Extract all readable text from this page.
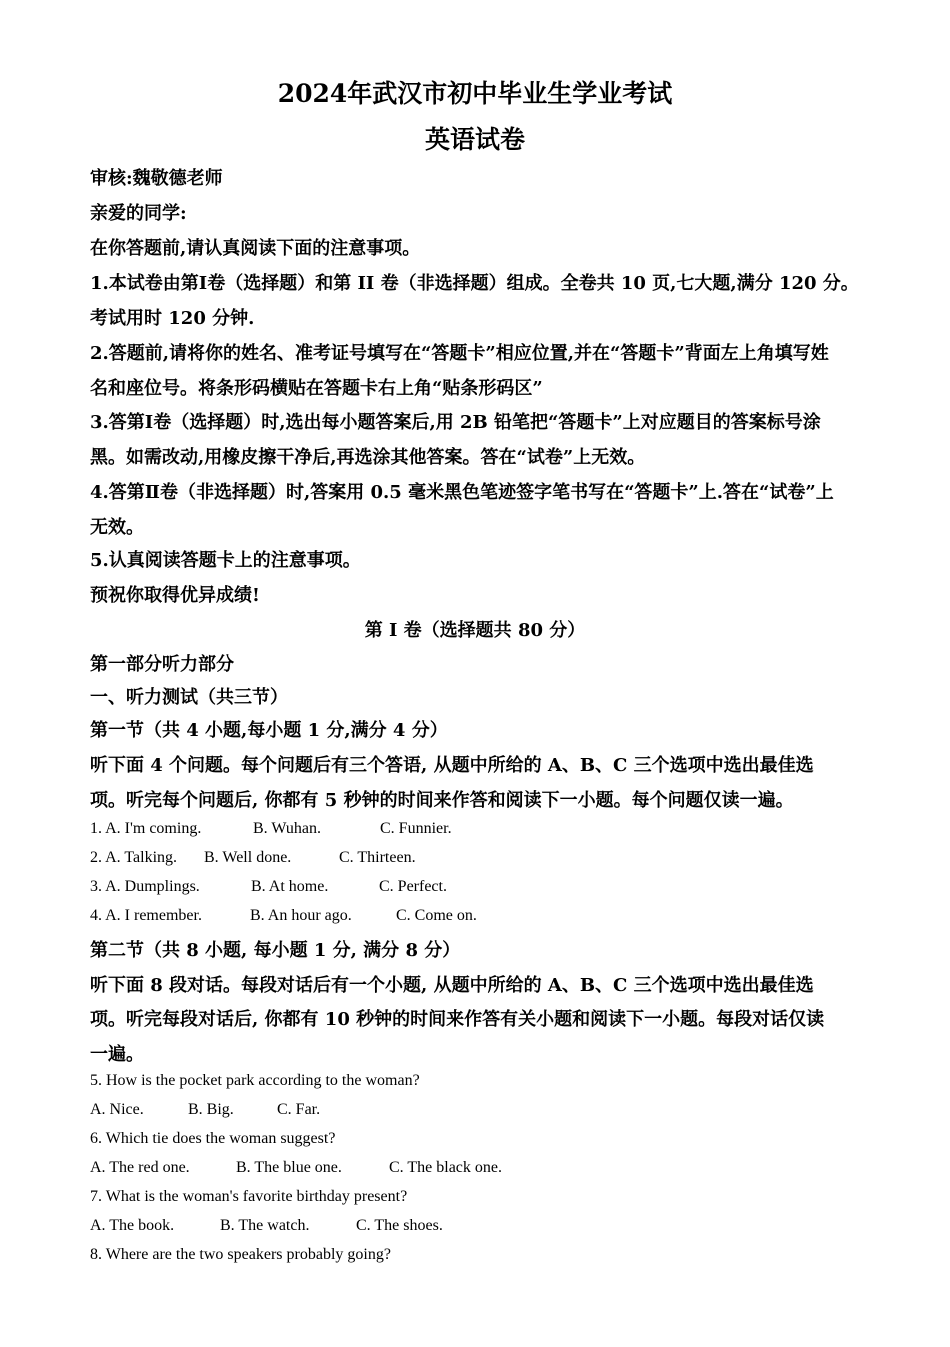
2024年武汉市初中毕业生学业考试
英语试卷
审核:魏敬德老师
亲爱的同学:
在你答题前,请认真阅读下面的注意事项。
1.本试卷由第Ⅰ卷（选择题）和第 II 卷（非选择题）组成。全卷共 10 页,七大题,满分 120 分。
考试用时 120 分钟.
2.答题前,请将你的姓名、准考证号填写在“答题卡”相应位置,并在“答题卡”背面左上角填写姓
名和座位号。将条形码横贴在答题卡右上角“贴条形码区”
3.答第Ⅰ卷（选择题）时,选出每小题答案后,用 2B 铅笔把“答题卡”上对应题目的答案标号涂
黑。如需改动,用橡皮擦干净后,再选涂其他答案。答在“试卷”上无效。
4.答第Ⅱ卷（非选择题）时,答案用 0.5 毫米黑色笔迹签字笔书写在“答题卡”上.答在“试卷”上
无效。
5.认真阅读答题卡上的注意事项。
预祝你取得优异成绩!
第 I 卷（选择题共 80 分）
第一部分听力部分
一、听力测试（共三节）
第一节（共 4 小题,每小题 1 分,满分 4 分）
听下面 4 个问题。每个问题后有三个答语, 从题中所给的 A、B、C 三个选项中选出最佳选
项。听完每个问题后, 你都有 5 秒钟的时间来作答和阅读下一小题。每个问题仅读一遍。
1. A. I'm coming.	B. Wuhan.	C. Funnier.
2. A. Talking. B. Well done.	C. Thirteen.
3. A. Dumplings.	B. At home.	C. Perfect.
4. A. I remember.	B. An hour ago.	C. Come on.
第二节（共 8 小题, 每小题 1 分, 满分 8 分）
听下面 8 段对话。每段对话后有一个小题, 从题中所给的 A、B、C 三个选项中选出最佳选
项。听完每段对话后, 你都有 10 秒钟的时间来作答有关小题和阅读下一小题。每段对话仅读
一遍。
5. How is the pocket park according to the woman?
A. Nice.	B. Big.	C. Far.
6. Which tie does the woman suggest?
A. The red one.	B. The blue one.	C. The black one.
7. What is the woman's favorite birthday present?
A. The book.	B. The watch.	C. The shoes.
8. Where are the two speakers probably going?
